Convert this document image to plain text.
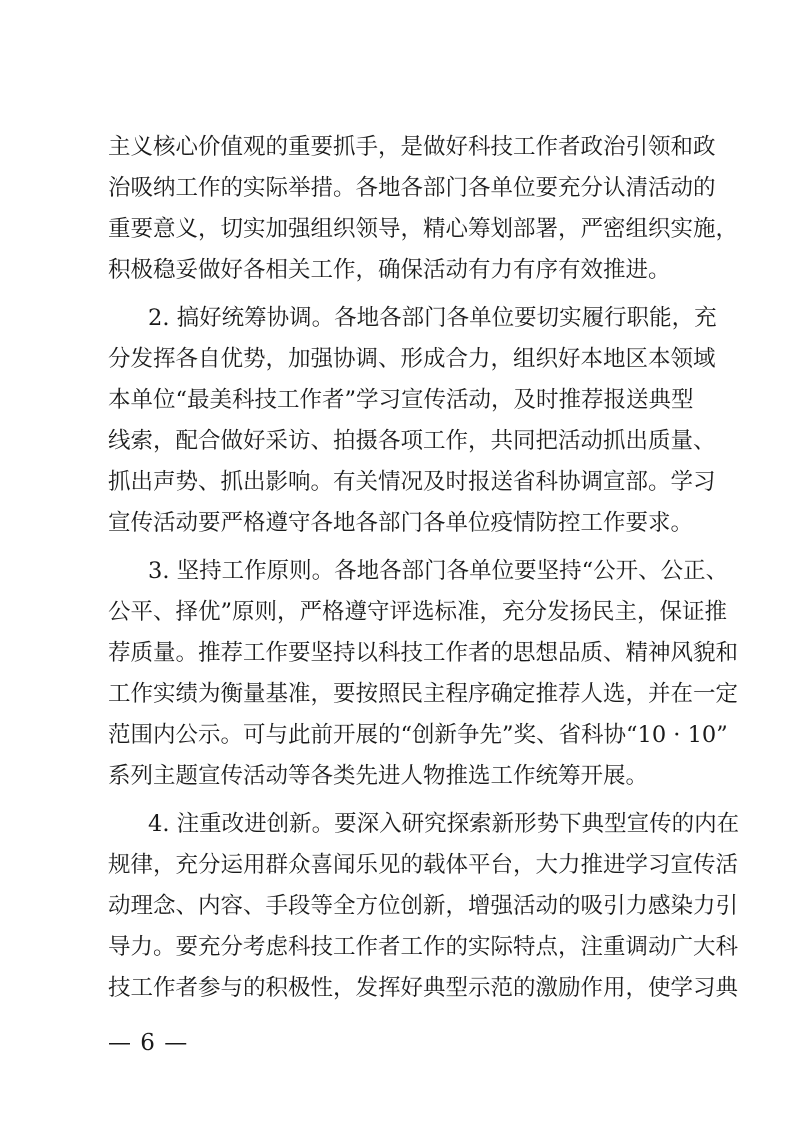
主义核心价值观的重要抓手，是做好科技工作者政治引领和政
治吸纳工作的实际举措。各地各部门各单位要充分认清活动的
重要意义，切实加强组织领导，精心筹划部署，严密组织实施，
积极稳妥做好各相关工作，确保活动有力有序有效推进。
2. 搞好统筹协调。各地各部门各单位要切实履行职能，充
分发挥各自优势，加强协调、形成合力，组织好本地区本领域
本单位“最美科技工作者”学习宣传活动，及时推荐报送典型
线索，配合做好采访、拍摄各项工作，共同把活动抓出质量、
抓出声势、抓出影响。有关情况及时报送省科协调宣部。学习
宣传活动要严格遵守各地各部门各单位疫情防控工作要求。
3. 坚持工作原则。各地各部门各单位要坚持“公开、公正、
公平、择优”原则，严格遵守评选标准，充分发扬民主，保证推
荐质量。推荐工作要坚持以科技工作者的思想品质、精神风貌和
工作实绩为衡量基准，要按照民主程序确定推荐人选，并在一定
范围内公示。可与此前开展的“创新争先”奖、省科协“10 · 10”
系列主题宣传活动等各类先进人物推选工作统筹开展。
4. 注重改进创新。要深入研究探索新形势下典型宣传的内在
规律，充分运用群众喜闻乐见的载体平台，大力推进学习宣传活
动理念、内容、手段等全方位创新，增强活动的吸引力感染力引
导力。要充分考虑科技工作者工作的实际特点，注重调动广大科
技工作者参与的积极性，发挥好典型示范的激励作用，使学习典
— 6 —
